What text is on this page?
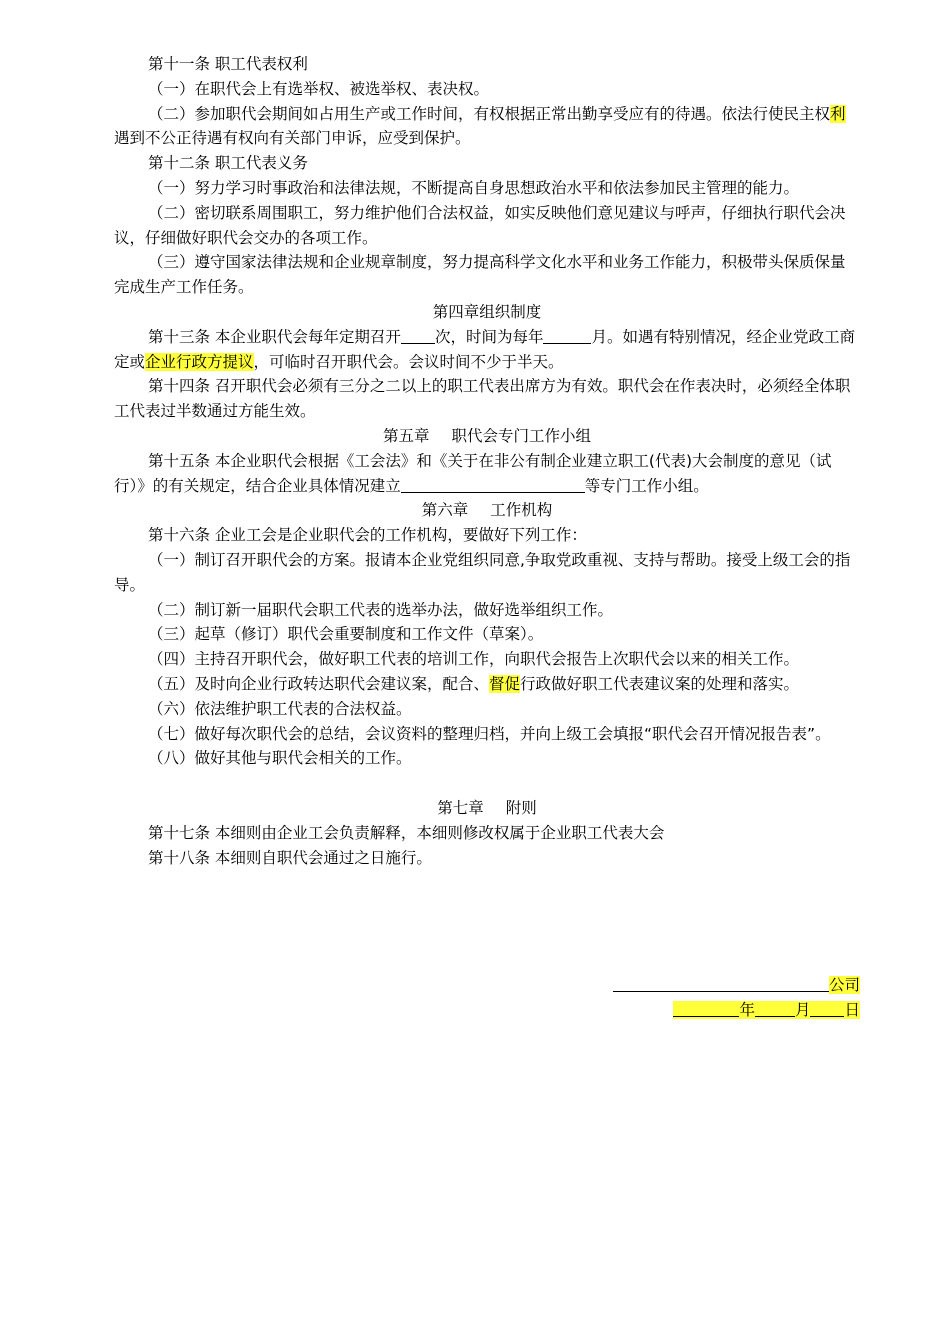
第十一条 职工代表权利

（一）在职代会上有选举权、被选举权、表决权。

（二）参加职代会期间如占用生产或工作时间，有权根据正常出勤享受应有的待遇。依法行使民主权利遇到不公正待遇有权向有关部门申诉，应受到保护。

第十二条 职工代表义务

（一）努力学习时事政治和法律法规，不断提高自身思想政治水平和依法参加民主管理的能力。

（二）密切联系周围职工，努力维护他们合法权益，如实反映他们意见建议与呼声，仔细执行职代会决议，仔细做好职代会交办的各项工作。

（三）遵守国家法律法规和企业规章制度，努力提高科学文化水平和业务工作能力，积极带头保质保量完成生产工作任务。

第四章组织制度

第十三条 本企业职代会每年定期召开 次，时间为每年	月。如遇有特别情况，经企业党政工商定或企业行政方提议，可临时召开职代会。会议时间不少于半天。

第十四条 召开职代会必须有三分之二以上的职工代表出席方为有效。职代会在作表决时，必须经全体职工代表过半数通过方能生效。

第五章 职代会专门工作小组

第十五条 本企业职代会根据《工会法》和《关于在非公有制企业建立职工(代表)大会制度的意见（试行）》的有关规定，结合企业具体情况建立	等专门工作小组。

第六章 工作机构

第十六条 企业工会是企业职代会的工作机构，要做好下列工作：

（一）制订召开职代会的方案。报请本企业党组织同意,争取党政重视、支持与帮助。接受上级工会的指导。

（二）制订新一届职代会职工代表的选举办法，做好选举组织工作。

（三）起草（修订）职代会重要制度和工作文件（草案）。

（四）主持召开职代会，做好职工代表的培训工作，向职代会报告上次职代会以来的相关工作。

（五）及时向企业行政转达职代会建议案，配合、督促行政做好职工代表建议案的处理和落实。

（六）依法维护职工代表的合法权益。

（七）做好每次职代会的总结，会议资料的整理归档，并向上级工会填报“职代会召开情况报告表”。

（八）做好其他与职代会相关的工作。

第七章 附则

第十七条 本细则由企业工会负责解释，本细则修改权属于企业职工代表大会

第十八条 本细则自职代会通过之日施行。

公司
年	月 日
